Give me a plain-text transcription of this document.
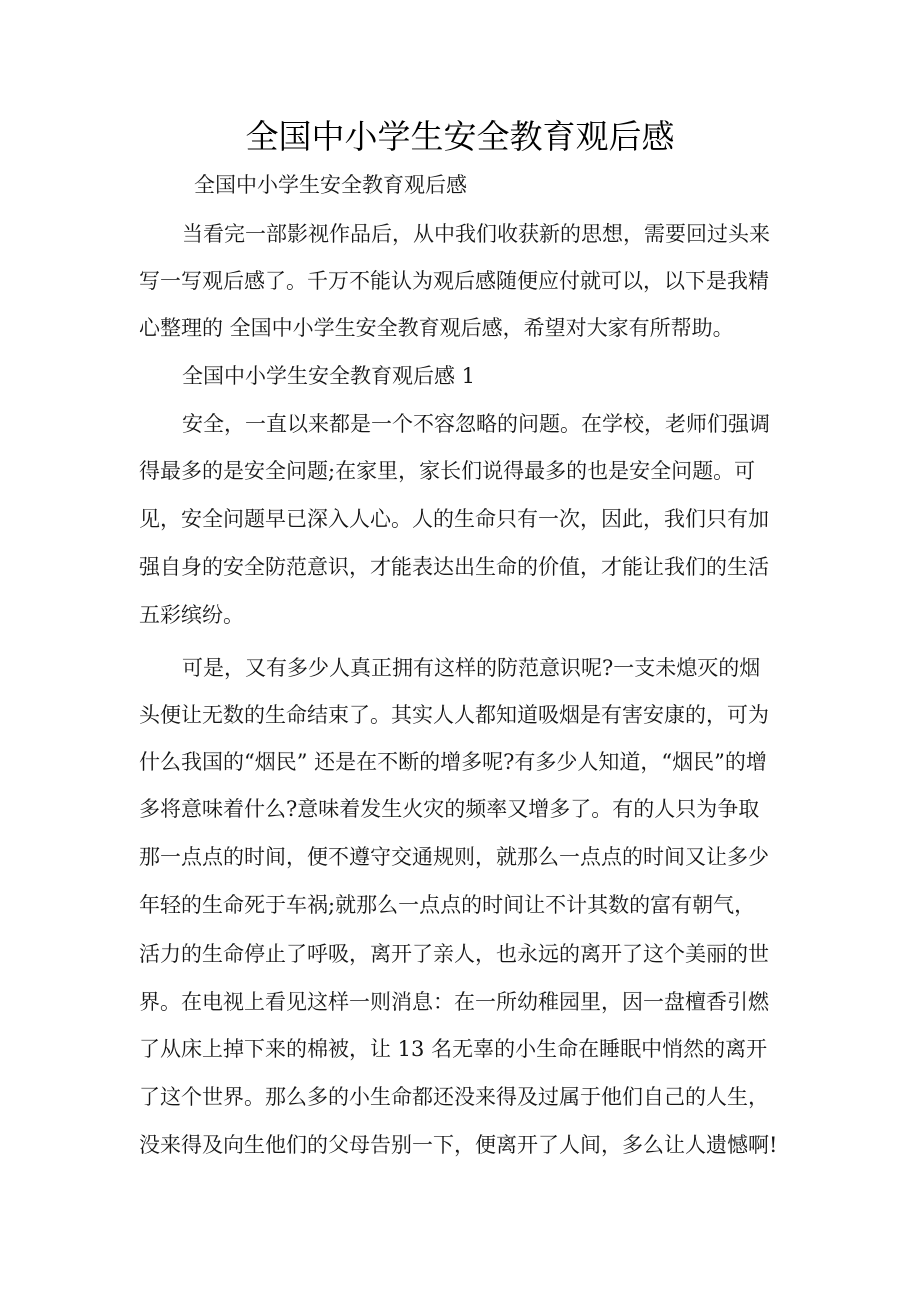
全国中小学生安全教育观后感
全国中小学生安全教育观后感
当看完一部影视作品后，从中我们收获新的思想，需要回过头来
写一写观后感了。千万不能认为观后感随便应付就可以，以下是我精
心整理的 全国中小学生安全教育观后感，希望对大家有所帮助。
全国中小学生安全教育观后感 1
安全，一直以来都是一个不容忽略的问题。在学校，老师们强调
得最多的是安全问题;在家里，家长们说得最多的也是安全问题。可
见，安全问题早已深入人心。人的生命只有一次，因此，我们只有加
强自身的安全防范意识，才能表达出生命的价值，才能让我们的生活
五彩缤纷。
可是，又有多少人真正拥有这样的防范意识呢?一支未熄灭的烟
头便让无数的生命结束了。其实人人都知道吸烟是有害安康的，可为
什么我国的“烟民” 还是在不断的增多呢?有多少人知道，“烟民”的增
多将意味着什么?意味着发生火灾的频率又增多了。有的人只为争取
那一点点的时间，便不遵守交通规则，就那么一点点的时间又让多少
年轻的生命死于车祸;就那么一点点的时间让不计其数的富有朝气，
活力的生命停止了呼吸，离开了亲人，也永远的离开了这个美丽的世
界。在电视上看见这样一则消息：在一所幼稚园里，因一盘檀香引燃
了从床上掉下来的棉被，让 13 名无辜的小生命在睡眠中悄然的离开
了这个世界。那么多的小生命都还没来得及过属于他们自己的人生，
没来得及向生他们的父母告别一下，便离开了人间，多么让人遗憾啊!
